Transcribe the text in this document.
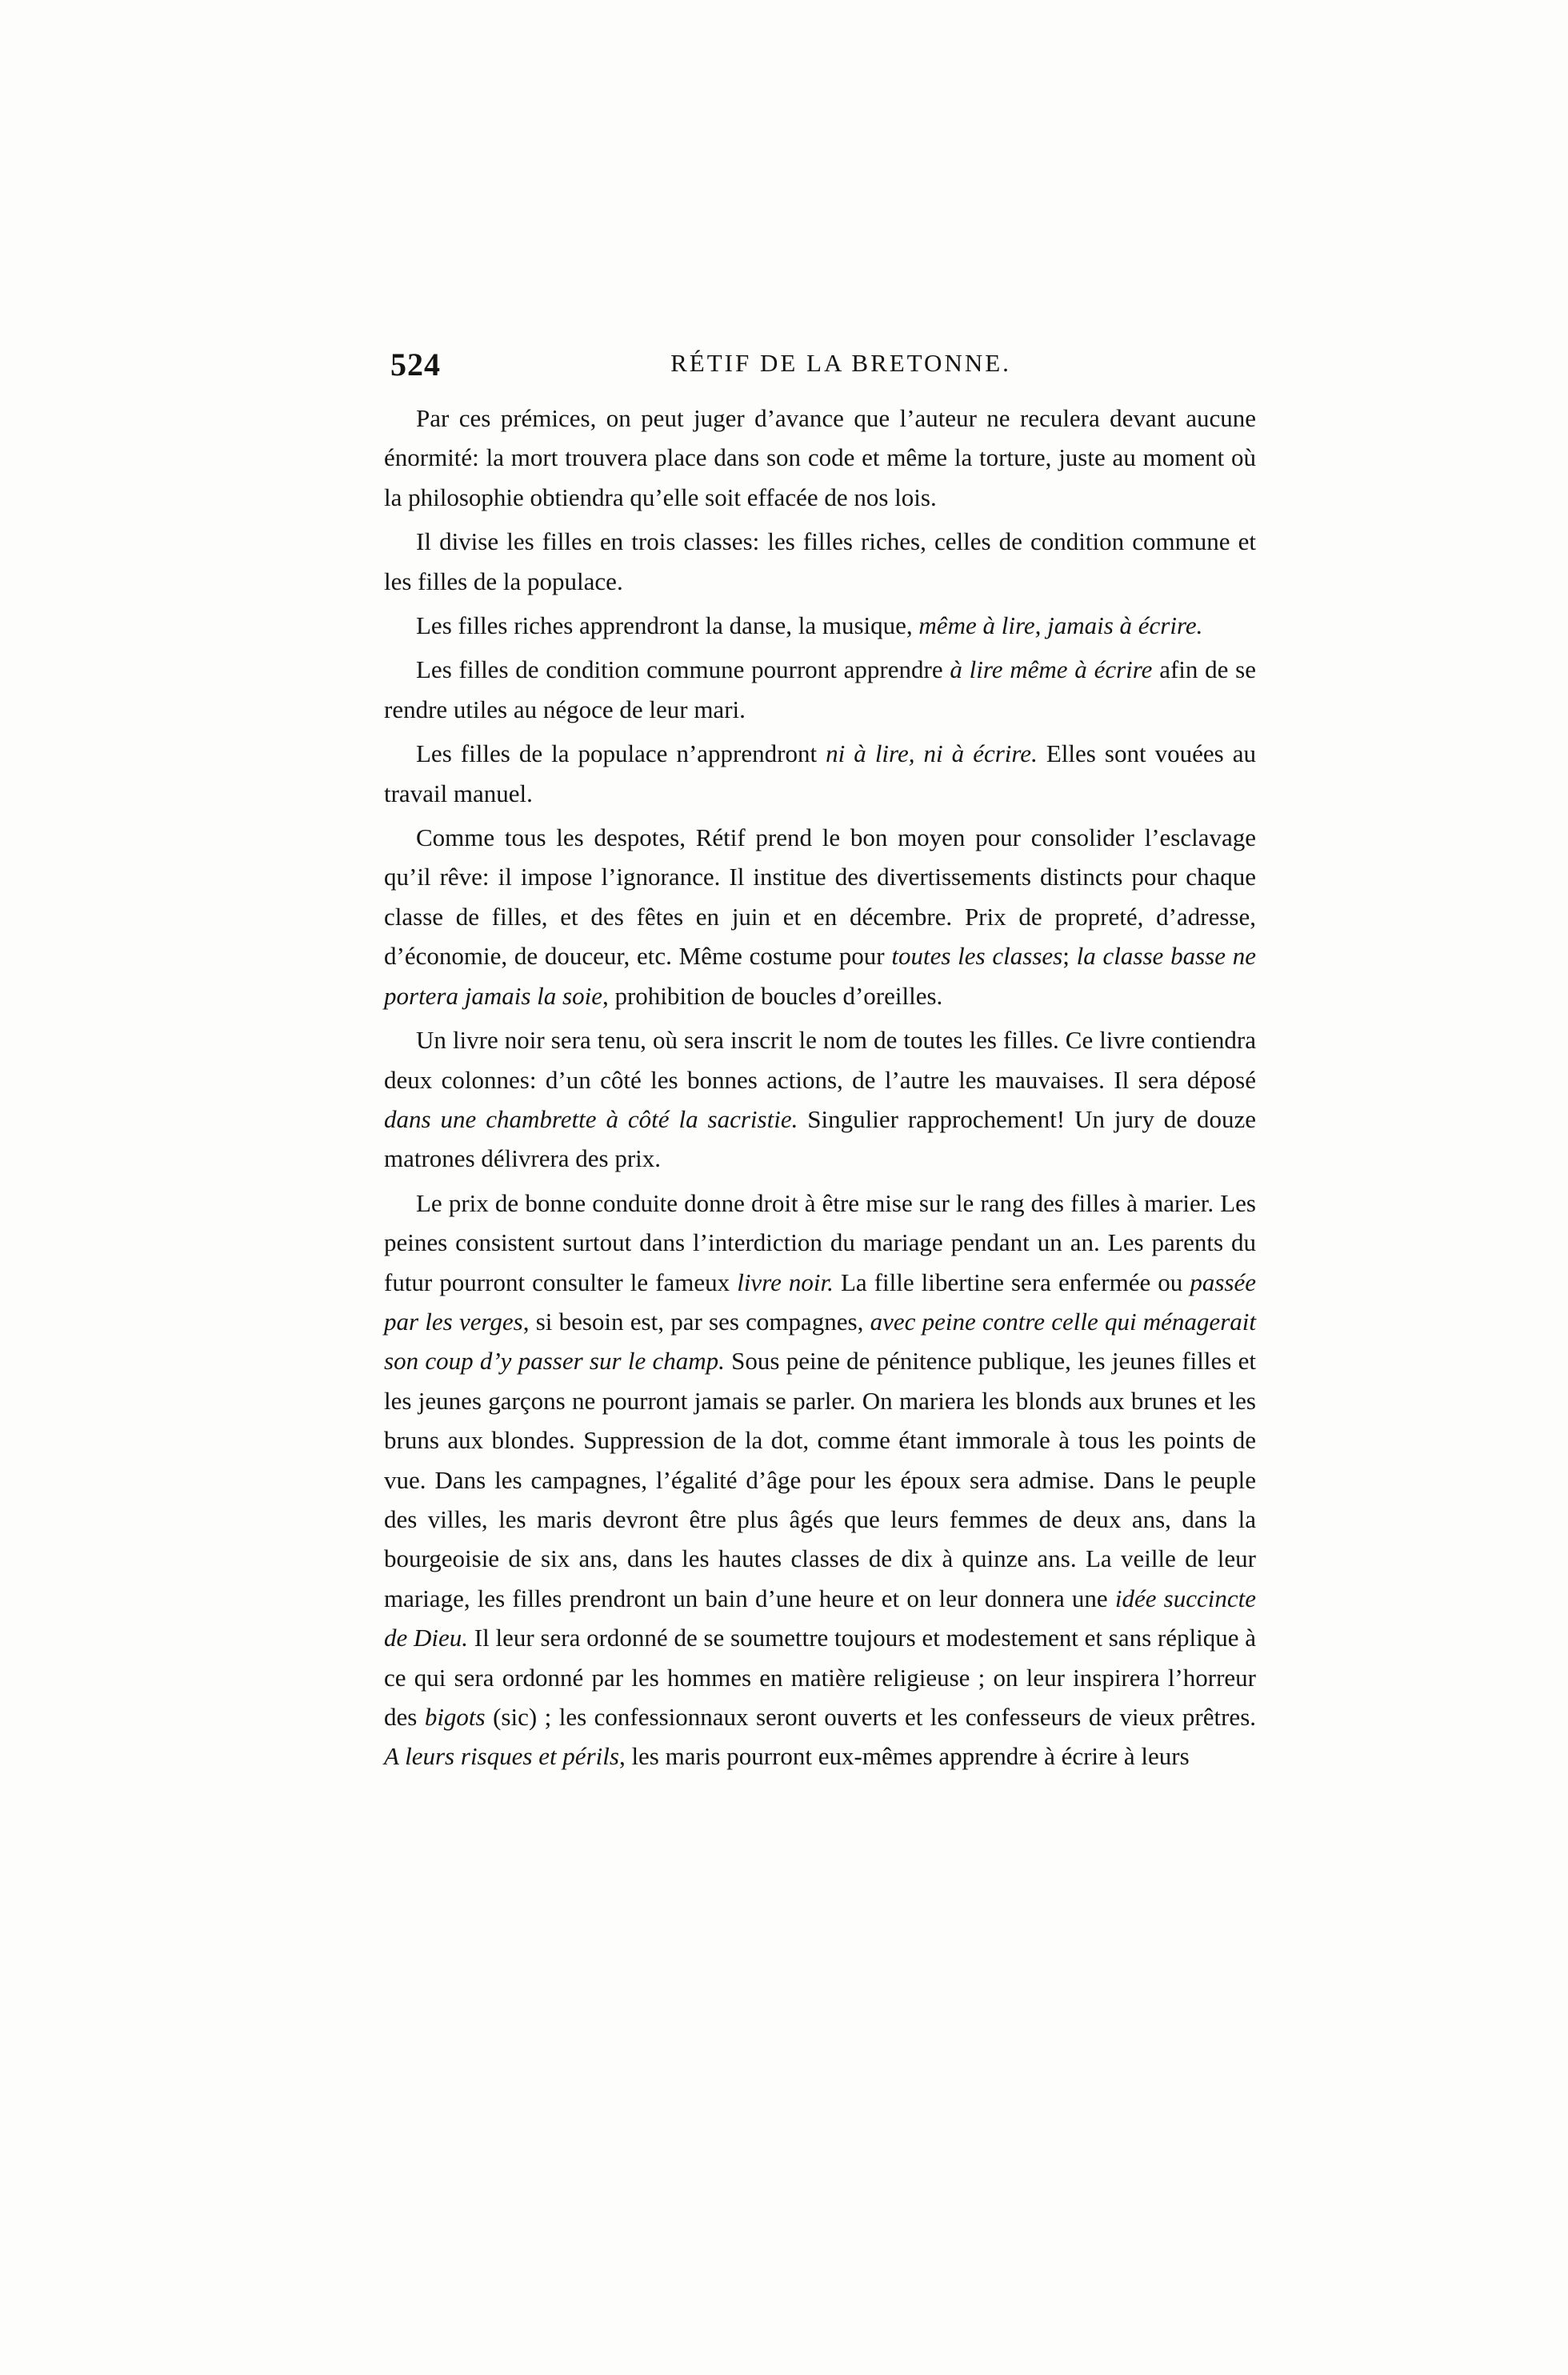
524	RÉTIF DE LA BRETONNE.

Par ces prémices, on peut juger d’avance que l’auteur ne reculera devant aucune énormité: la mort trouvera place dans son code et même la torture, juste au moment où la philosophie obtiendra qu’elle soit effacée de nos lois.

Il divise les filles en trois classes: les filles riches, celles de condition commune et les filles de la populace.

Les filles riches apprendront la danse, la musique, même à lire, jamais à écrire.

Les filles de condition commune pourront apprendre à lire même à écrire afin de se rendre utiles au négoce de leur mari.

Les filles de la populace n’apprendront ni à lire, ni à écrire. Elles sont vouées au travail manuel.

Comme tous les despotes, Rétif prend le bon moyen pour consolider l’esclavage qu’il rêve: il impose l’ignorance. Il institue des divertissements distincts pour chaque classe de filles, et des fêtes en juin et en décembre. Prix de propreté, d’adresse, d’économie, de douceur, etc. Même costume pour toutes les classes; la classe basse ne portera jamais la soie, prohibition de boucles d’oreilles.

Un livre noir sera tenu, où sera inscrit le nom de toutes les filles. Ce livre contiendra deux colonnes: d’un côté les bonnes actions, de l’autre les mauvaises. Il sera déposé dans une chambrette à côté la sacristie. Singulier rapprochement! Un jury de douze matrones délivrera des prix.

Le prix de bonne conduite donne droit à être mise sur le rang des filles à marier. Les peines consistent surtout dans l’interdiction du mariage pendant un an. Les parents du futur pourront consulter le fameux livre noir. La fille libertine sera enfermée ou passée par les verges, si besoin est, par ses compagnes, avec peine contre celle qui ménagerait son coup d’y passer sur le champ. Sous peine de pénitence publique, les jeunes filles et les jeunes garçons ne pourront jamais se parler. On mariera les blonds aux brunes et les bruns aux blondes. Suppression de la dot, comme étant immorale à tous les points de vue. Dans les campagnes, l’égalité d’âge pour les époux sera admise. Dans le peuple des villes, les maris devront être plus âgés que leurs femmes de deux ans, dans la bourgeoisie de six ans, dans les hautes classes de dix à quinze ans. La veille de leur mariage, les filles prendront un bain d’une heure et on leur donnera une idée succincte de Dieu. Il leur sera ordonné de se soumettre toujours et modestement et sans réplique à ce qui sera ordonné par les hommes en matière religieuse ; on leur inspirera l’horreur des bigots (sic) ; les confessionnaux seront ouverts et les confesseurs de vieux prêtres. A leurs risques et périls, les maris pourront eux-mêmes apprendre à écrire à leurs
